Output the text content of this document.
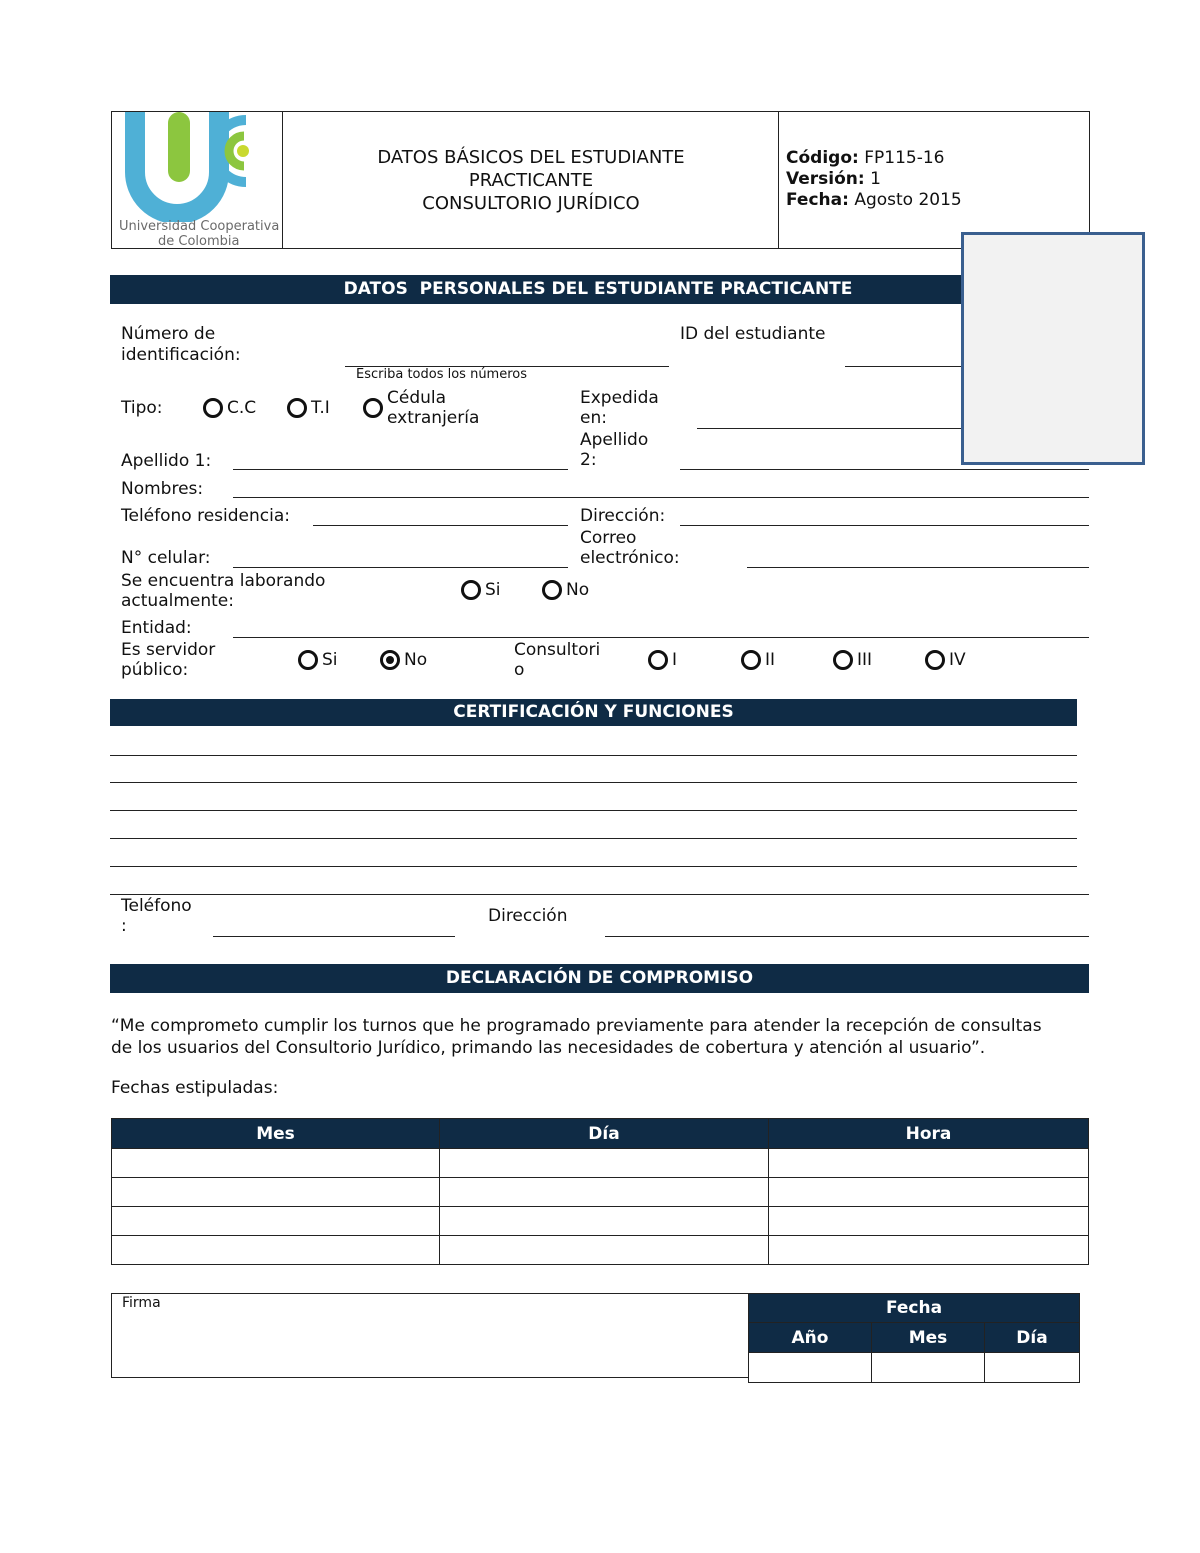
Universidad Cooperativa
de Colombia
DATOS BÁSICOS DEL ESTUDIANTE
PRACTICANTE
CONSULTORIO JURÍDICO
Código: FP115-16
Versión: 1
Fecha: Agosto 2015
DATOS  PERSONALES DEL ESTUDIANTE PRACTICANTE
Número de
identificación:
Escriba todos los números
ID del estudiante
Tipo:	C.C	T.I	Cédula
extranjería
Expedida
en:
Apellido 1:
Apellido
2:
Nombres:
Teléfono residencia:	Dirección:
N° celular:
Correo
electrónico:
Se encuentra laborando
actualmente:
Si	No
Entidad:
Es servidor
público:	Si	No	Consultori
o	I	II	III	IV
CERTIFICACIÓN Y FUNCIONES
Teléfono
:	Dirección
DECLARACIÓN DE COMPROMISO
“Me comprometo cumplir los turnos que he programado previamente para atender la recepción de consultas
de los usuarios del Consultorio Jurídico, primando las necesidades de cobertura y atención al usuario”.
Fechas estipuladas:
Mes	Día	Hora

Firma	Fecha		
Año	Mes	Día
